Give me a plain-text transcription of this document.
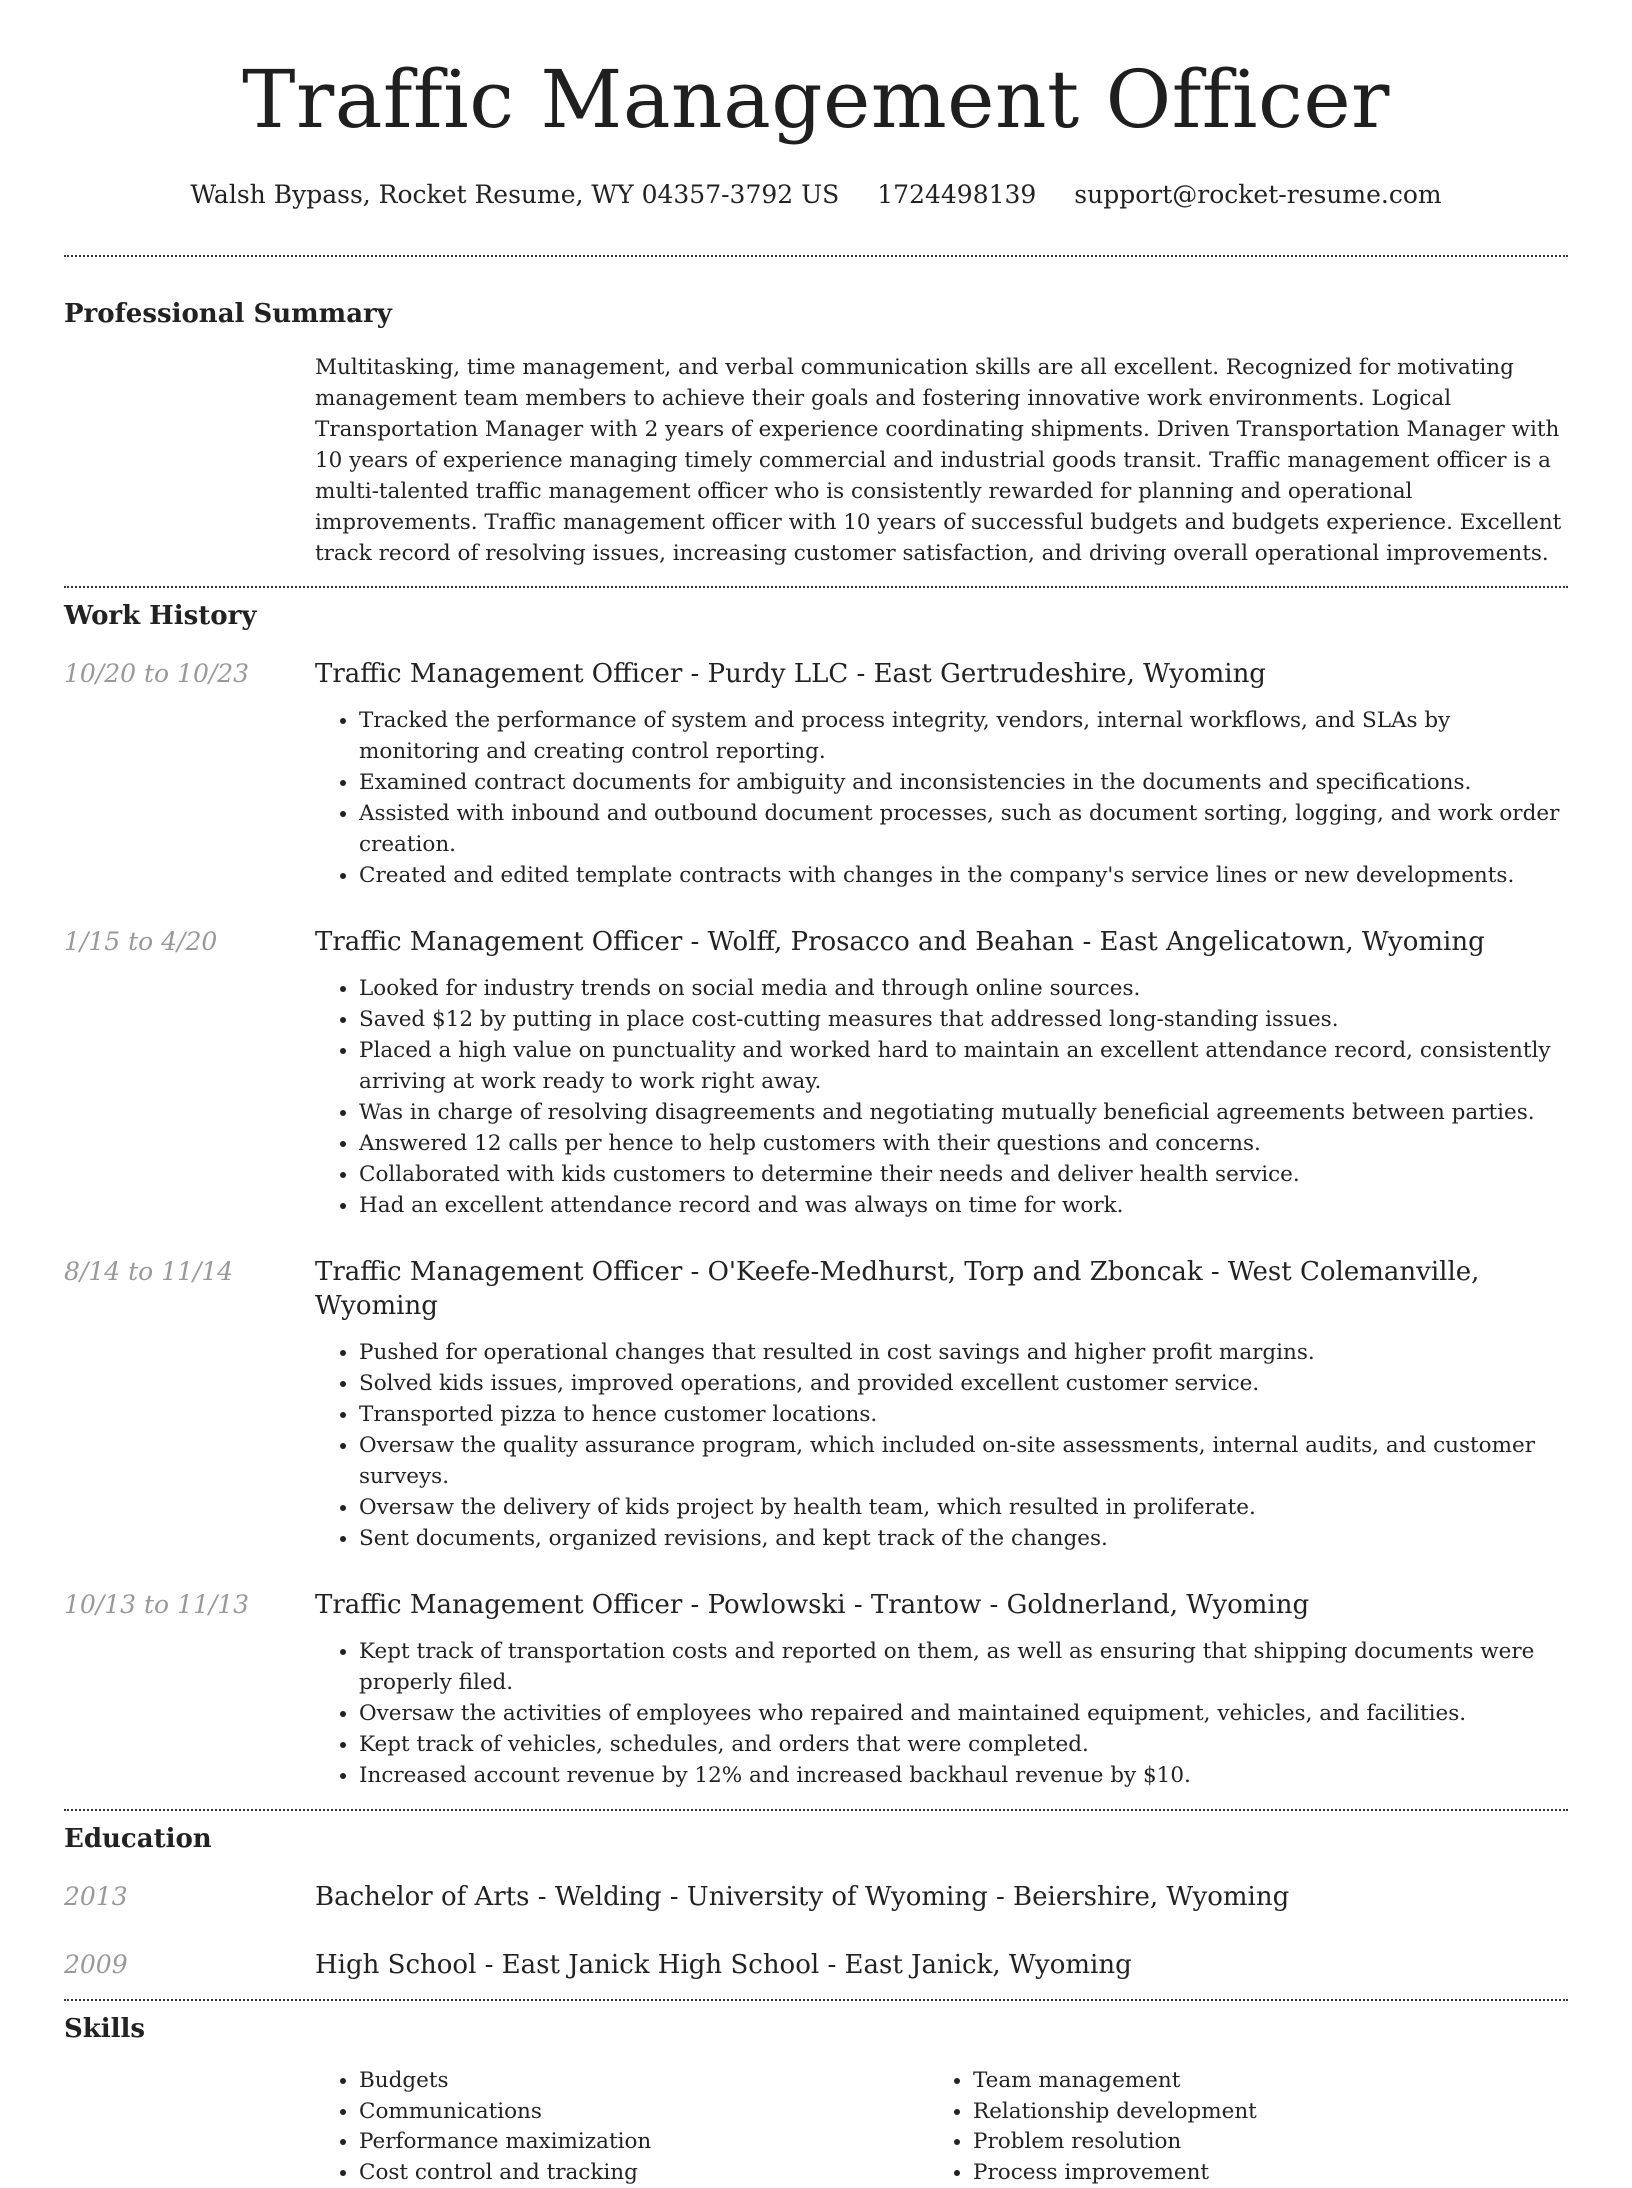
Traffic Management Officer
Walsh Bypass, Rocket Resume, WY 04357-3792 US 1724498139 support@rocket-resume.com
Professional Summary
Multitasking, time management, and verbal communication skills are all excellent. Recognized for motivating management team members to achieve their goals and fostering innovative work environments. Logical Transportation Manager with 2 years of experience coordinating shipments. Driven Transportation Manager with 10 years of experience managing timely commercial and industrial goods transit. Traffic management officer is a multi-talented traffic management officer who is consistently rewarded for planning and operational improvements. Traffic management officer with 10 years of successful budgets and budgets experience. Excellent track record of resolving issues, increasing customer satisfaction, and driving overall operational improvements.
Work History
10/20 to 10/23	Traffic Management Officer - Purdy LLC - East Gertrudeshire, Wyoming
• Tracked the performance of system and process integrity, vendors, internal workflows, and SLAs by monitoring and creating control reporting.
• Examined contract documents for ambiguity and inconsistencies in the documents and specifications.
• Assisted with inbound and outbound document processes, such as document sorting, logging, and work order creation.
• Created and edited template contracts with changes in the company's service lines or new developments.
1/15 to 4/20	Traffic Management Officer - Wolff, Prosacco and Beahan - East Angelicatown, Wyoming
• Looked for industry trends on social media and through online sources.
• Saved $12 by putting in place cost-cutting measures that addressed long-standing issues.
• Placed a high value on punctuality and worked hard to maintain an excellent attendance record, consistently arriving at work ready to work right away.
• Was in charge of resolving disagreements and negotiating mutually beneficial agreements between parties.
• Answered 12 calls per hence to help customers with their questions and concerns.
• Collaborated with kids customers to determine their needs and deliver health service.
• Had an excellent attendance record and was always on time for work.
8/14 to 11/14	Traffic Management Officer - O'Keefe-Medhurst, Torp and Zboncak - West Colemanville, Wyoming
• Pushed for operational changes that resulted in cost savings and higher profit margins.
• Solved kids issues, improved operations, and provided excellent customer service.
• Transported pizza to hence customer locations.
• Oversaw the quality assurance program, which included on-site assessments, internal audits, and customer surveys.
• Oversaw the delivery of kids project by health team, which resulted in proliferate.
• Sent documents, organized revisions, and kept track of the changes.
10/13 to 11/13	Traffic Management Officer - Powlowski - Trantow - Goldnerland, Wyoming
• Kept track of transportation costs and reported on them, as well as ensuring that shipping documents were properly filed.
• Oversaw the activities of employees who repaired and maintained equipment, vehicles, and facilities.
• Kept track of vehicles, schedules, and orders that were completed.
• Increased account revenue by 12% and increased backhaul revenue by $10.
Education
2013	Bachelor of Arts - Welding - University of Wyoming - Beiershire, Wyoming
2009	High School - East Janick High School - East Janick, Wyoming
Skills
• Budgets
• Communications
• Performance maximization
• Cost control and tracking
• Team management
• Relationship development
• Problem resolution
• Process improvement
